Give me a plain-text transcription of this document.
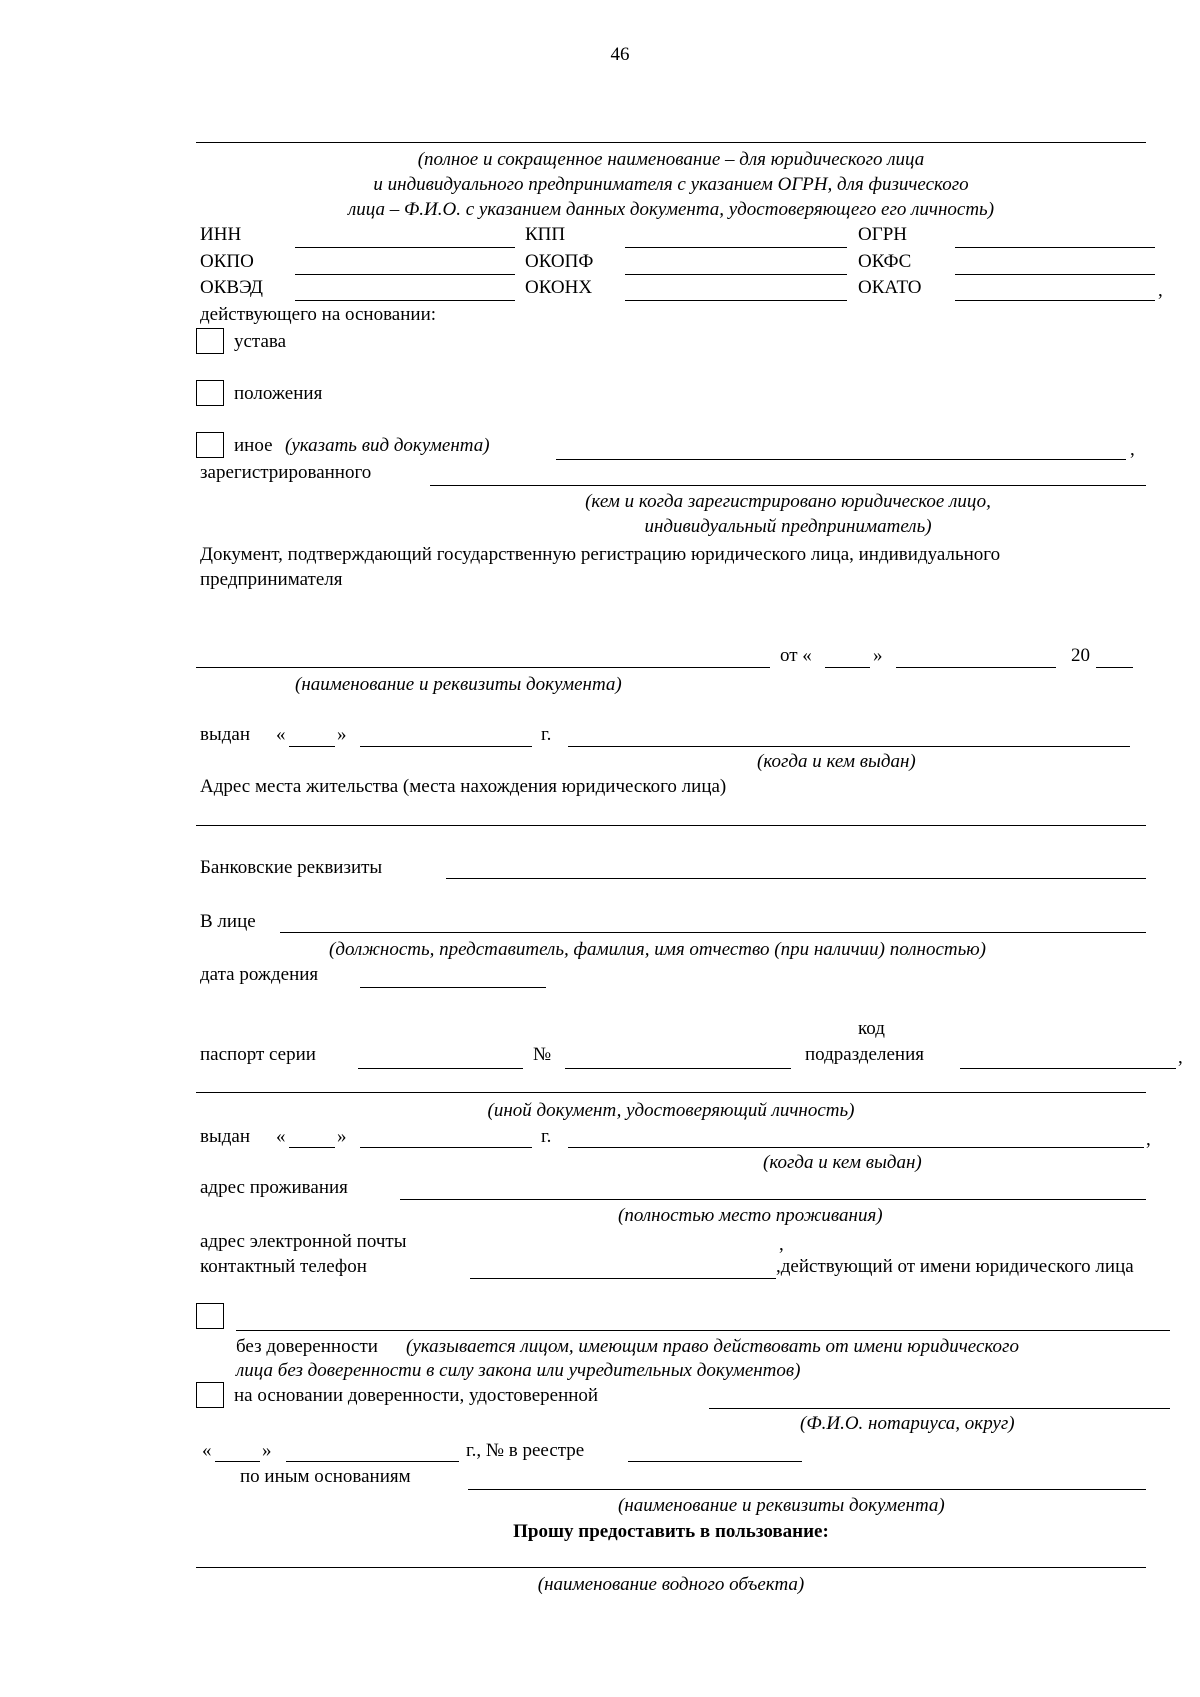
46
(полное и сокращенное наименование – для юридического лица
и индивидуального предпринимателя с указанием ОГРН, для физического
лица – Ф.И.О. с указанием данных документа, удостоверяющего его личность)
ИНН	КПП	ОГРН
ОКПО	ОКОПФ	ОКФС
ОКВЭД	ОКОНХ	ОКАТО	,
действующего на основании:
устава
положения
иное (указать вид документа)	,
зарегистрированного
(кем и когда зарегистрировано юридическое лицо,
индивидуальный предприниматель)
Документ, подтверждающий государственную регистрацию юридического лица, индивидуального
предпринимателя
от «	»	20
(наименование и реквизиты документа)
выдан «	»	г.
(когда и кем выдан)
Адрес места жительства (места нахождения юридического лица)
Банковские реквизиты
В лице
(должность, представитель, фамилия, имя отчество (при наличии) полностью)
дата рождения
код
паспорт серии	№	подразделения	,
(иной документ, удостоверяющий личность)
выдан «	»	г.	,
(когда и кем выдан)
адрес проживания
(полностью место проживания)
адрес электронной почты	,
контактный телефон	,действующий от имени юридического лица
без доверенности (указывается лицом, имеющим право действовать от имени юридического
лица без доверенности в силу закона или учредительных документов)
на основании доверенности, удостоверенной
(Ф.И.О. нотариуса, округ)
«	»	г., № в реестре
по иным основаниям
(наименование и реквизиты документа)
Прошу предоставить в пользование:
(наименование водного объекта)
